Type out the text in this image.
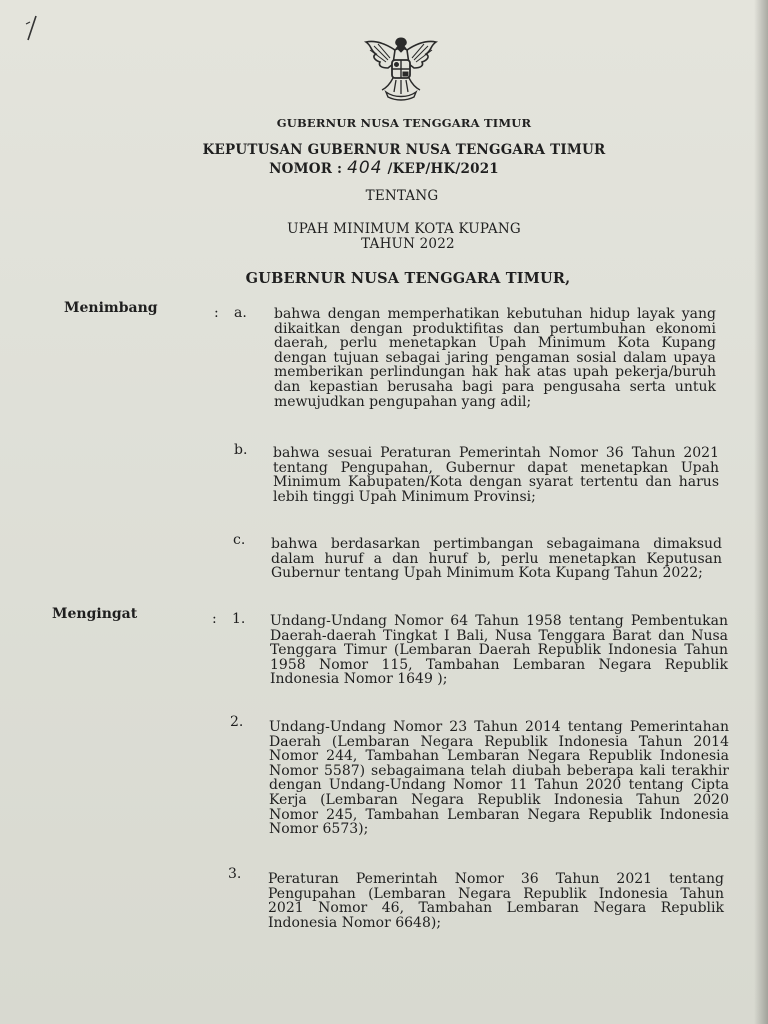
GUBERNUR NUSA TENGGARA TIMUR
KEPUTUSAN GUBERNUR NUSA TENGGARA TIMUR
NOMOR : 404 /KEP/HK/2021
TENTANG
UPAH MINIMUM KOTA KUPANG
TAHUN 2022
GUBERNUR NUSA TENGGARA TIMUR,
Menimbang	: a. bahwa dengan memperhatikan kebutuhan hidup layak yang dikaitkan dengan produktifitas dan pertumbuhan ekonomi daerah, perlu menetapkan Upah Minimum Kota Kupang dengan tujuan sebagai jaring pengaman sosial dalam upaya memberikan perlindungan hak hak atas upah pekerja/buruh dan kepastian berusaha bagi para pengusaha serta untuk mewujudkan pengupahan yang adil;
b. bahwa sesuai Peraturan Pemerintah Nomor 36 Tahun 2021 tentang Pengupahan, Gubernur dapat menetapkan Upah Minimum Kabupaten/Kota dengan syarat tertentu dan harus lebih tinggi Upah Minimum Provinsi;
c. bahwa berdasarkan pertimbangan sebagaimana dimaksud dalam huruf a dan huruf b, perlu menetapkan Keputusan Gubernur tentang Upah Minimum Kota Kupang Tahun 2022;
Mengingat	: 1. Undang-Undang Nomor 64 Tahun 1958 tentang Pembentukan Daerah-daerah Tingkat I Bali, Nusa Tenggara Barat dan Nusa Tenggara Timur (Lembaran Daerah Republik Indonesia Tahun 1958 Nomor 115, Tambahan Lembaran Negara Republik Indonesia Nomor 1649 );
2. Undang-Undang Nomor 23 Tahun 2014 tentang Pemerintahan Daerah (Lembaran Negara Republik Indonesia Tahun 2014 Nomor 244, Tambahan Lembaran Negara Republik Indonesia Nomor 5587) sebagaimana telah diubah beberapa kali terakhir dengan Undang-Undang Nomor 11 Tahun 2020 tentang Cipta Kerja (Lembaran Negara Republik Indonesia Tahun 2020 Nomor 245, Tambahan Lembaran Negara Republik Indonesia Nomor 6573);
3. Peraturan Pemerintah Nomor 36 Tahun 2021 tentang Pengupahan (Lembaran Negara Republik Indonesia Tahun 2021 Nomor 46, Tambahan Lembaran Negara Republik Indonesia Nomor 6648);
